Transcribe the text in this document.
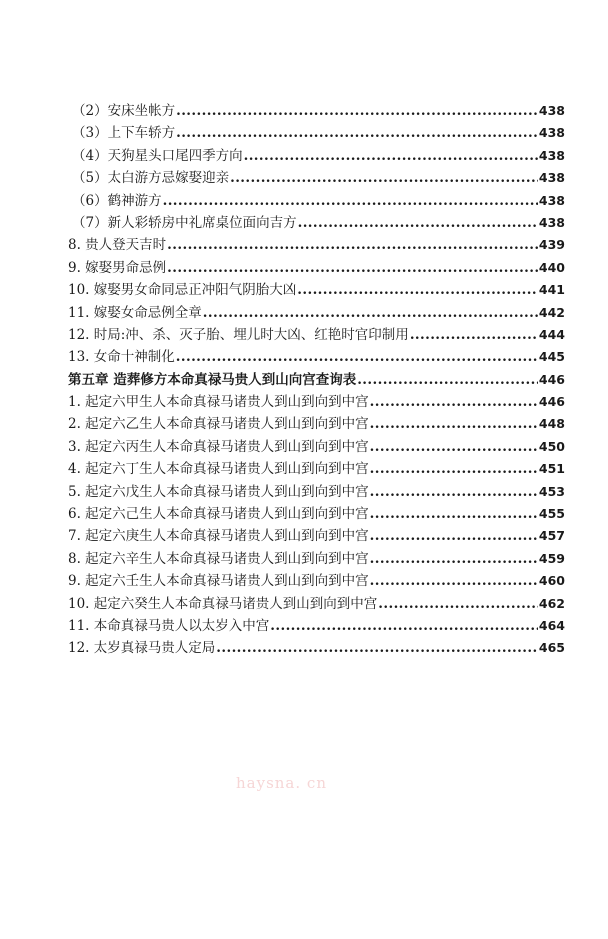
（2）安床坐帐方 .....	438
（3）上下车轿方 .....	438
（4）天狗星头口尾四季方向 .....	438
（5）太白游方忌嫁娶迎亲 .....	438
（6）鹤神游方 .....	438
（7）新人彩轿房中礼席桌位面向吉方 .....	438
8. 贵人登天吉时 .....	439
9. 嫁娶男命忌例 .....	440
10. 嫁娶男女命同忌正冲阳气阴胎大凶 .....	441
11. 嫁娶女命忌例全章 .....	442
12. 时局:冲、杀、灭子胎、埋儿时大凶、红艳时官印制用 .....	444
13. 女命十神制化 .....	445
第五章 造葬修方本命真禄马贵人到山向宫查询表 .....	446
1. 起定六甲生人本命真禄马诸贵人到山到向到中宫 .....	446
2. 起定六乙生人本命真禄马诸贵人到山到向到中宫 .....	448
3. 起定六丙生人本命真禄马诸贵人到山到向到中宫 .....	450
4. 起定六丁生人本命真禄马诸贵人到山到向到中宫 .....	451
5. 起定六戊生人本命真禄马诸贵人到山到向到中宫 .....	453
6. 起定六己生人本命真禄马诸贵人到山到向到中宫 .....	455
7. 起定六庚生人本命真禄马诸贵人到山到向到中宫 .....	457
8. 起定六辛生人本命真禄马诸贵人到山到向到中宫 .....	459
9. 起定六壬生人本命真禄马诸贵人到山到向到中宫 .....	460
10. 起定六癸生人本命真禄马诸贵人到山到向到中宫 .....	462
11. 本命真禄马贵人以太岁入中宫 .....	464
12. 太岁真禄马贵人定局 .....	465
haysna. cn
